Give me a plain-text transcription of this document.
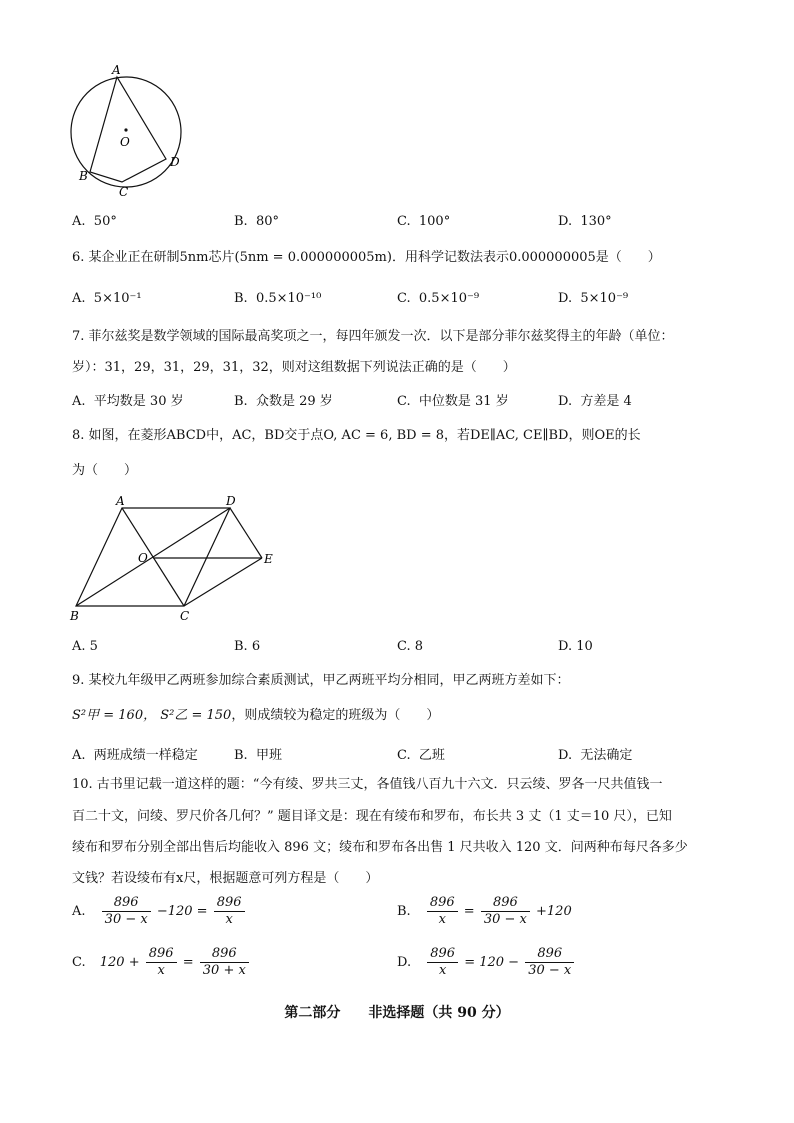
A
O
B
C
D
A. 50°	B. 80°	C. 100°	D. 130°
6. 某企业正在研制5nm芯片(5nm = 0.000000005m)．用科学记数法表示0.000000005是（　　）
A. 5×10⁻¹	B. 0.5×10⁻¹⁰	C. 0.5×10⁻⁹	D. 5×10⁻⁹
7. 菲尔兹奖是数学领域的国际最高奖项之一，每四年颁发一次．以下是部分菲尔兹奖得主的年龄（单位：
岁）：31，29，31，29，31，32，则对这组数据下列说法正确的是（　　）
A. 平均数是 30 岁	B. 众数是 29 岁	C. 中位数是 31 岁	D. 方差是 4
8. 如图，在菱形ABCD中，AC，BD交于点O, AC = 6, BD = 8，若DE∥AC, CE∥BD，则OE的长
为（　　）
A	D
O	E
B	C
A. 5	B. 6	C. 8	D. 10
9. 某校九年级甲乙两班参加综合素质测试，甲乙两班平均分相同，甲乙两班方差如下：
S²甲 = 160， S²乙 = 150，则成绩较为稳定的班级为（　　）
A. 两班成绩一样稳定	B. 甲班	C. 乙班	D. 无法确定
10. 古书里记载一道这样的题：“今有绫、罗共三丈，各值钱八百九十六文．只云绫、罗各一尺共值钱一
百二十文，问绫、罗尺价各几何？” 题目译文是：现在有绫布和罗布，布长共 3 丈（1 丈＝10 尺），已知
绫布和罗布分别全部出售后均能收入 896 文；绫布和罗布各出售 1 尺共收入 120 文．问两种布每尺各多少
文钱？若设绫布有x尺，根据题意可列方程是（　　）
A. $\frac{896}{30 - x} -120 = \frac{896}{x}$	B. $\frac{896}{x} = \frac{896}{30 - x} +120$
C. $120 + \frac{896}{x} = \frac{896}{30 + x}$	D. $\frac{896}{x} = 120 - \frac{896}{30 - x}$
第二部分　　非选择题（共 90 分）
